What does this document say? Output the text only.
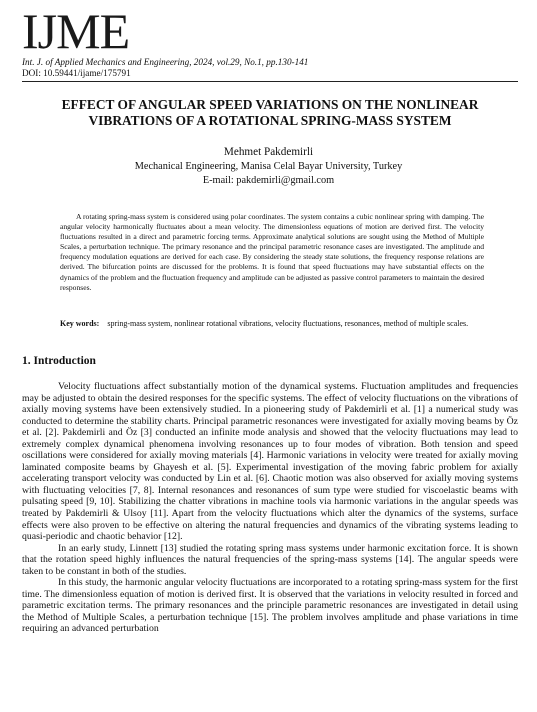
IJME
Int. J. of Applied Mechanics and Engineering, 2024, vol.29, No.1, pp.130-141
DOI: 10.59441/ijame/175791
EFFECT OF ANGULAR SPEED VARIATIONS ON THE NONLINEAR
VIBRATIONS OF A ROTATIONAL SPRING-MASS SYSTEM
Mehmet Pakdemirli
Mechanical Engineering, Manisa Celal Bayar University, Turkey
E-mail: pakdemirli@gmail.com
A rotating spring-mass system is considered using polar coordinates. The system contains a cubic nonlinear spring with damping. The angular velocity harmonically fluctuates about a mean velocity. The dimensionless equations of motion are derived first. The velocity fluctuations resulted in a direct and parametric forcing terms. Approximate analytical solutions are sought using the Method of Multiple Scales, a perturbation technique. The primary resonance and the principal parametric resonance cases are investigated. The amplitude and frequency modulation equations are derived for each case. By considering the steady state solutions, the frequency response relations are derived. The bifurcation points are discussed for the problems. It is found that speed fluctuations may have substantial effects on the dynamics of the problem and the fluctuation frequency and amplitude can be adjusted as passive control parameters to maintain the desired responses.
Key words: spring-mass system, nonlinear rotational vibrations, velocity fluctuations, resonances, method of multiple scales.
1. Introduction

Velocity fluctuations affect substantially motion of the dynamical systems. Fluctuation amplitudes and frequencies may be adjusted to obtain the desired responses for the specific systems. The effect of velocity fluctuations on the vibrations of axially moving systems have been extensively studied. In a pioneering study of Pakdemirli et al. [1] a numerical study was conducted to determine the stability charts. Principal parametric resonances were investigated for axially moving beams by Öz et al. [2]. Pakdemirli and Öz [3] conducted an infinite mode analysis and showed that the velocity fluctuations may lead to extremely complex dynamical phenomena involving resonances up to four modes of vibration. Both tension and speed oscillations were considered for axially moving materials [4]. Harmonic variations in velocity were treated for axially moving laminated composite beams by Ghayesh et al. [5]. Experimental investigation of the moving fabric problem for axially accelerating transport velocity was conducted by Lin et al. [6]. Chaotic motion was also observed for axially moving systems with fluctuating velocities [7, 8]. Internal resonances and resonances of sum type were studied for viscoelastic beams with pulsating speed [9, 10]. Stabilizing the chatter vibrations in machine tools via harmonic variations in the angular speeds was treated by Pakdemirli & Ulsoy [11]. Apart from the velocity fluctuations which alter the dynamics of the systems, surface effects were also proven to be effective on altering the natural frequencies and dynamics of the vibrating systems leading to quasi-periodic and chaotic behavior [12].

In an early study, Linnett [13] studied the rotating spring mass systems under harmonic excitation force. It is shown that the rotation speed highly influences the natural frequencies of the spring-mass systems [14]. The angular speeds were taken to be constant in both of the studies.

In this study, the harmonic angular velocity fluctuations are incorporated to a rotating spring-mass system for the first time. The dimensionless equation of motion is derived first. It is observed that the variations in velocity resulted in forced and parametric excitation terms. The primary resonances and the principle parametric resonances are investigated in detail using the Method of Multiple Scales, a perturbation technique [15]. The problem involves amplitude and phase variations in time requiring an advanced perturbation
